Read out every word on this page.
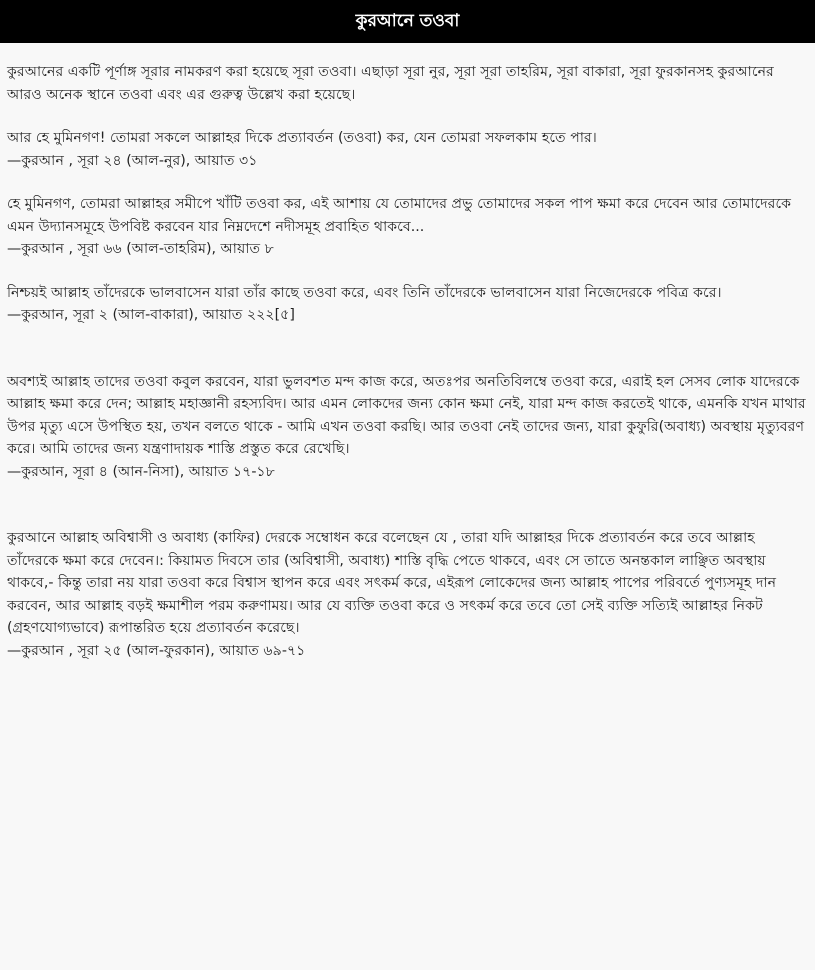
কুরআনে তওবা

কুরআনের একটি পূর্ণাঙ্গ সূরার নামকরণ করা হয়েছে সূরা তওবা। এছাড়া সূরা নুর, সূরা সূরা তাহরিম, সূরা বাকারা, সূরা ফুরকানসহ কুরআনের আরও অনেক স্থানে তওবা এবং এর গুরুত্ব উল্লেখ করা হয়েছে।

আর হে মুমিনগণ! তোমরা সকলে আল্লাহর দিকে প্রত্যাবর্তন (তওবা) কর, যেন তোমরা সফলকাম হতে পার।

—কুরআন , সূরা ২৪ (আল-নুর), আয়াত ৩১

হে মুমিনগণ, তোমরা আল্লাহর সমীপে খাঁটি তওবা কর, এই আশায় যে তোমাদের প্রভু তোমাদের সকল পাপ ক্ষমা করে দেবেন আর তোমাদেরকে এমন উদ্যানসমূহে উপবিষ্ট করবেন যার নিম্নদেশে নদীসমূহ প্রবাহিত থাকবে...

—কুরআন , সূরা ৬৬ (আল-তাহরিম), আয়াত ৮

নিশ্চয়ই আল্লাহ তাঁদেরকে ভালবাসেন যারা তাঁর কাছে তওবা করে, এবং তিনি তাঁদেরকে ভালবাসেন যারা নিজেদেরকে পবিত্র করে।

—কুরআন, সূরা ২ (আল-বাকারা), আয়াত ২২২[৫]

অবশ্যই আল্লাহ তাদের তওবা কবুল করবেন, যারা ভুলবশত মন্দ কাজ করে, অতঃপর অনতিবিলম্বে তওবা করে, এরাই হল সেসব লোক যাদেরকে আল্লাহ ক্ষমা করে দেন; আল্লাহ মহাজ্ঞানী রহস্যবিদ। আর এমন লোকদের জন্য কোন ক্ষমা নেই, যারা মন্দ কাজ করতেই থাকে, এমনকি যখন মাথার উপর মৃত্যু এসে উপস্থিত হয়, তখন বলতে থাকে - আমি এখন তওবা করছি। আর তওবা নেই তাদের জন্য, যারা কুফুরি(অবাধ্য) অবস্থায় মৃত্যুবরণ করে। আমি তাদের জন্য যন্ত্রণাদায়ক শাস্তি প্রস্তুত করে রেখেছি।

—কুরআন, সূরা ৪ (আন-নিসা), আয়াত ১৭-১৮

কুরআনে আল্লাহ অবিশ্বাসী ও অবাধ্য (কাফির) দেরকে সম্বোধন করে বলেছেন যে , তারা যদি আল্লাহর দিকে প্রত্যাবর্তন করে তবে আল্লাহ তাঁদেরকে ক্ষমা করে দেবেন।: কিয়ামত দিবসে তার (অবিশ্বাসী, অবাধ্য) শাস্তি বৃদ্ধি পেতে থাকবে, এবং সে তাতে অনন্তকাল লাঞ্ছিত অবস্থায় থাকবে,- কিন্তু তারা নয় যারা তওবা করে বিশ্বাস স্থাপন করে এবং সৎকর্ম করে, এইরূপ লোকেদের জন্য আল্লাহ পাপের পরিবর্তে পুণ্যসমূহ দান করবেন, আর আল্লাহ বড়ই ক্ষমাশীল পরম করুণাময়। আর যে ব্যক্তি তওবা করে ও সৎকর্ম করে তবে তো সেই ব্যক্তি সত্যিই আল্লাহর নিকট (গ্রহণযোগ্যভাবে) রূপান্তরিত হয়ে প্রত্যাবর্তন করেছে।

—কুরআন , সূরা ২৫ (আল-ফুরকান), আয়াত ৬৯-৭১
